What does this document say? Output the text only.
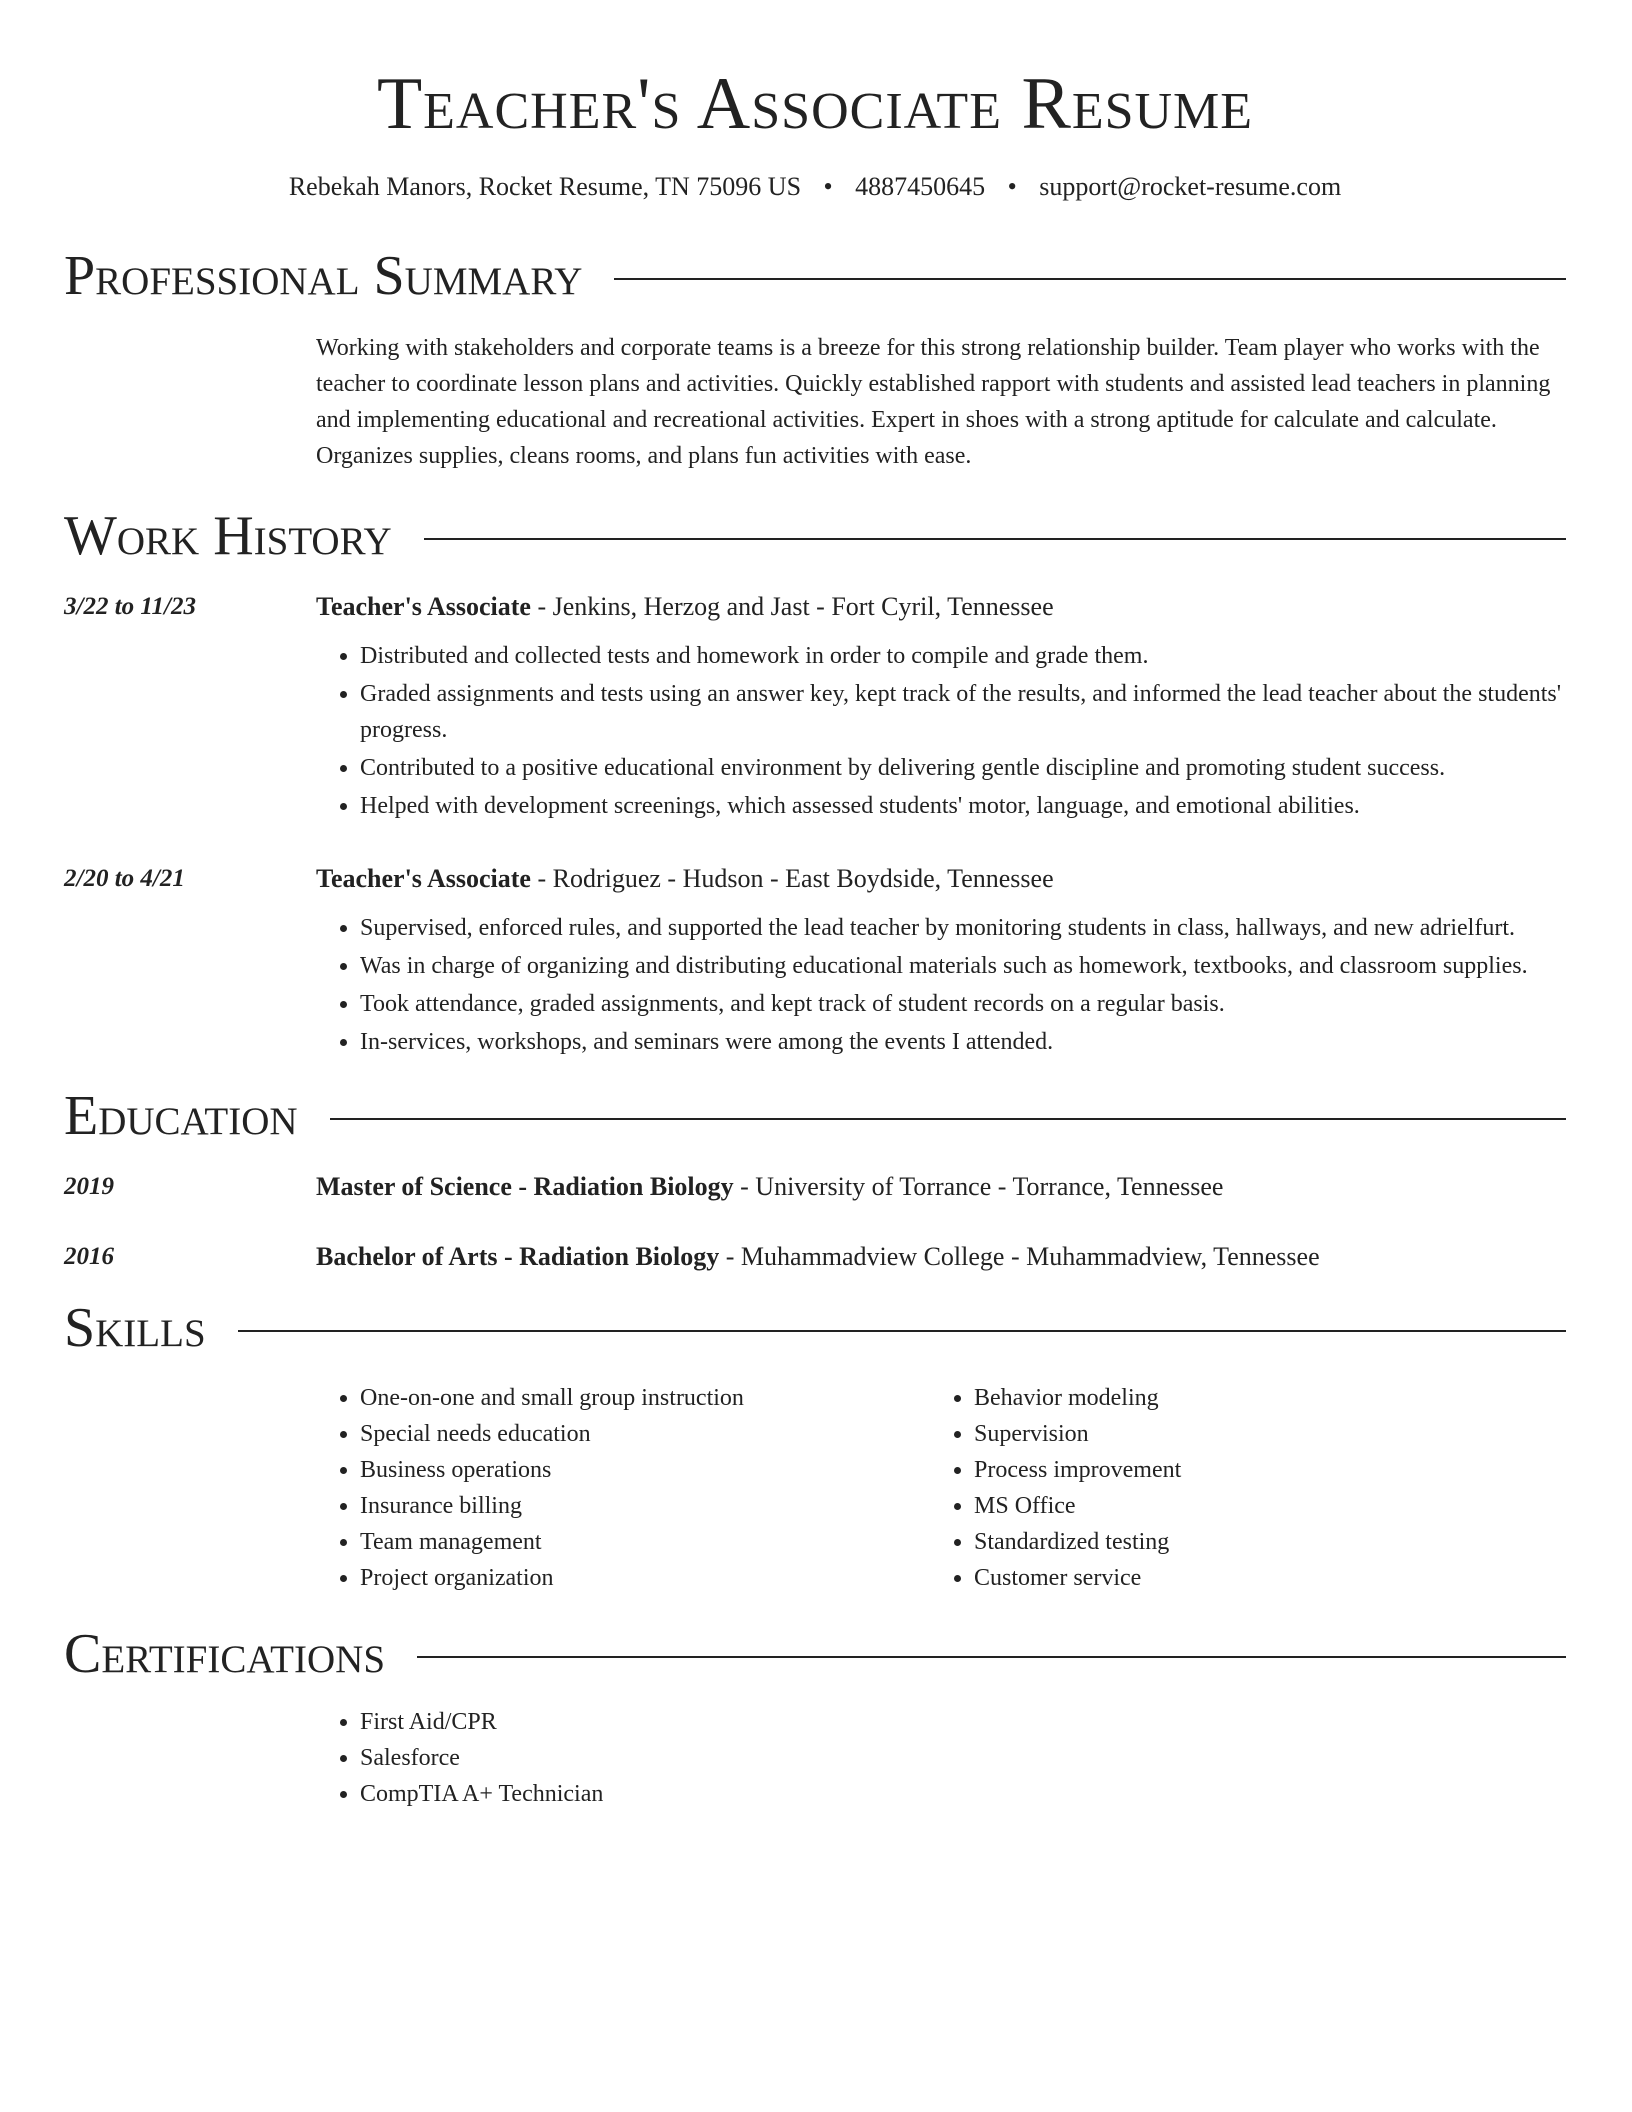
Teacher's Associate Resume
Rebekah Manors, Rocket Resume, TN 75096 US • 4887450645 • support@rocket-resume.com
Professional Summary
Working with stakeholders and corporate teams is a breeze for this strong relationship builder. Team player who works with the teacher to coordinate lesson plans and activities. Quickly established rapport with students and assisted lead teachers in planning and implementing educational and recreational activities. Expert in shoes with a strong aptitude for calculate and calculate. Organizes supplies, cleans rooms, and plans fun activities with ease.
Work History
3/22 to 11/23	Teacher's Associate - Jenkins, Herzog and Jast - Fort Cyril, Tennessee
• Distributed and collected tests and homework in order to compile and grade them.
• Graded assignments and tests using an answer key, kept track of the results, and informed the lead teacher about the students' progress.
• Contributed to a positive educational environment by delivering gentle discipline and promoting student success.
• Helped with development screenings, which assessed students' motor, language, and emotional abilities.
2/20 to 4/21	Teacher's Associate - Rodriguez - Hudson - East Boydside, Tennessee
• Supervised, enforced rules, and supported the lead teacher by monitoring students in class, hallways, and new adrielfurt.
• Was in charge of organizing and distributing educational materials such as homework, textbooks, and classroom supplies.
• Took attendance, graded assignments, and kept track of student records on a regular basis.
• In-services, workshops, and seminars were among the events I attended.
Education
2019	Master of Science - Radiation Biology - University of Torrance - Torrance, Tennessee
2016	Bachelor of Arts - Radiation Biology - Muhammadview College - Muhammadview, Tennessee
Skills
• One-on-one and small group instruction
• Special needs education
• Business operations
• Insurance billing
• Team management
• Project organization
• Behavior modeling
• Supervision
• Process improvement
• MS Office
• Standardized testing
• Customer service
Certifications
• First Aid/CPR
• Salesforce
• CompTIA A+ Technician
